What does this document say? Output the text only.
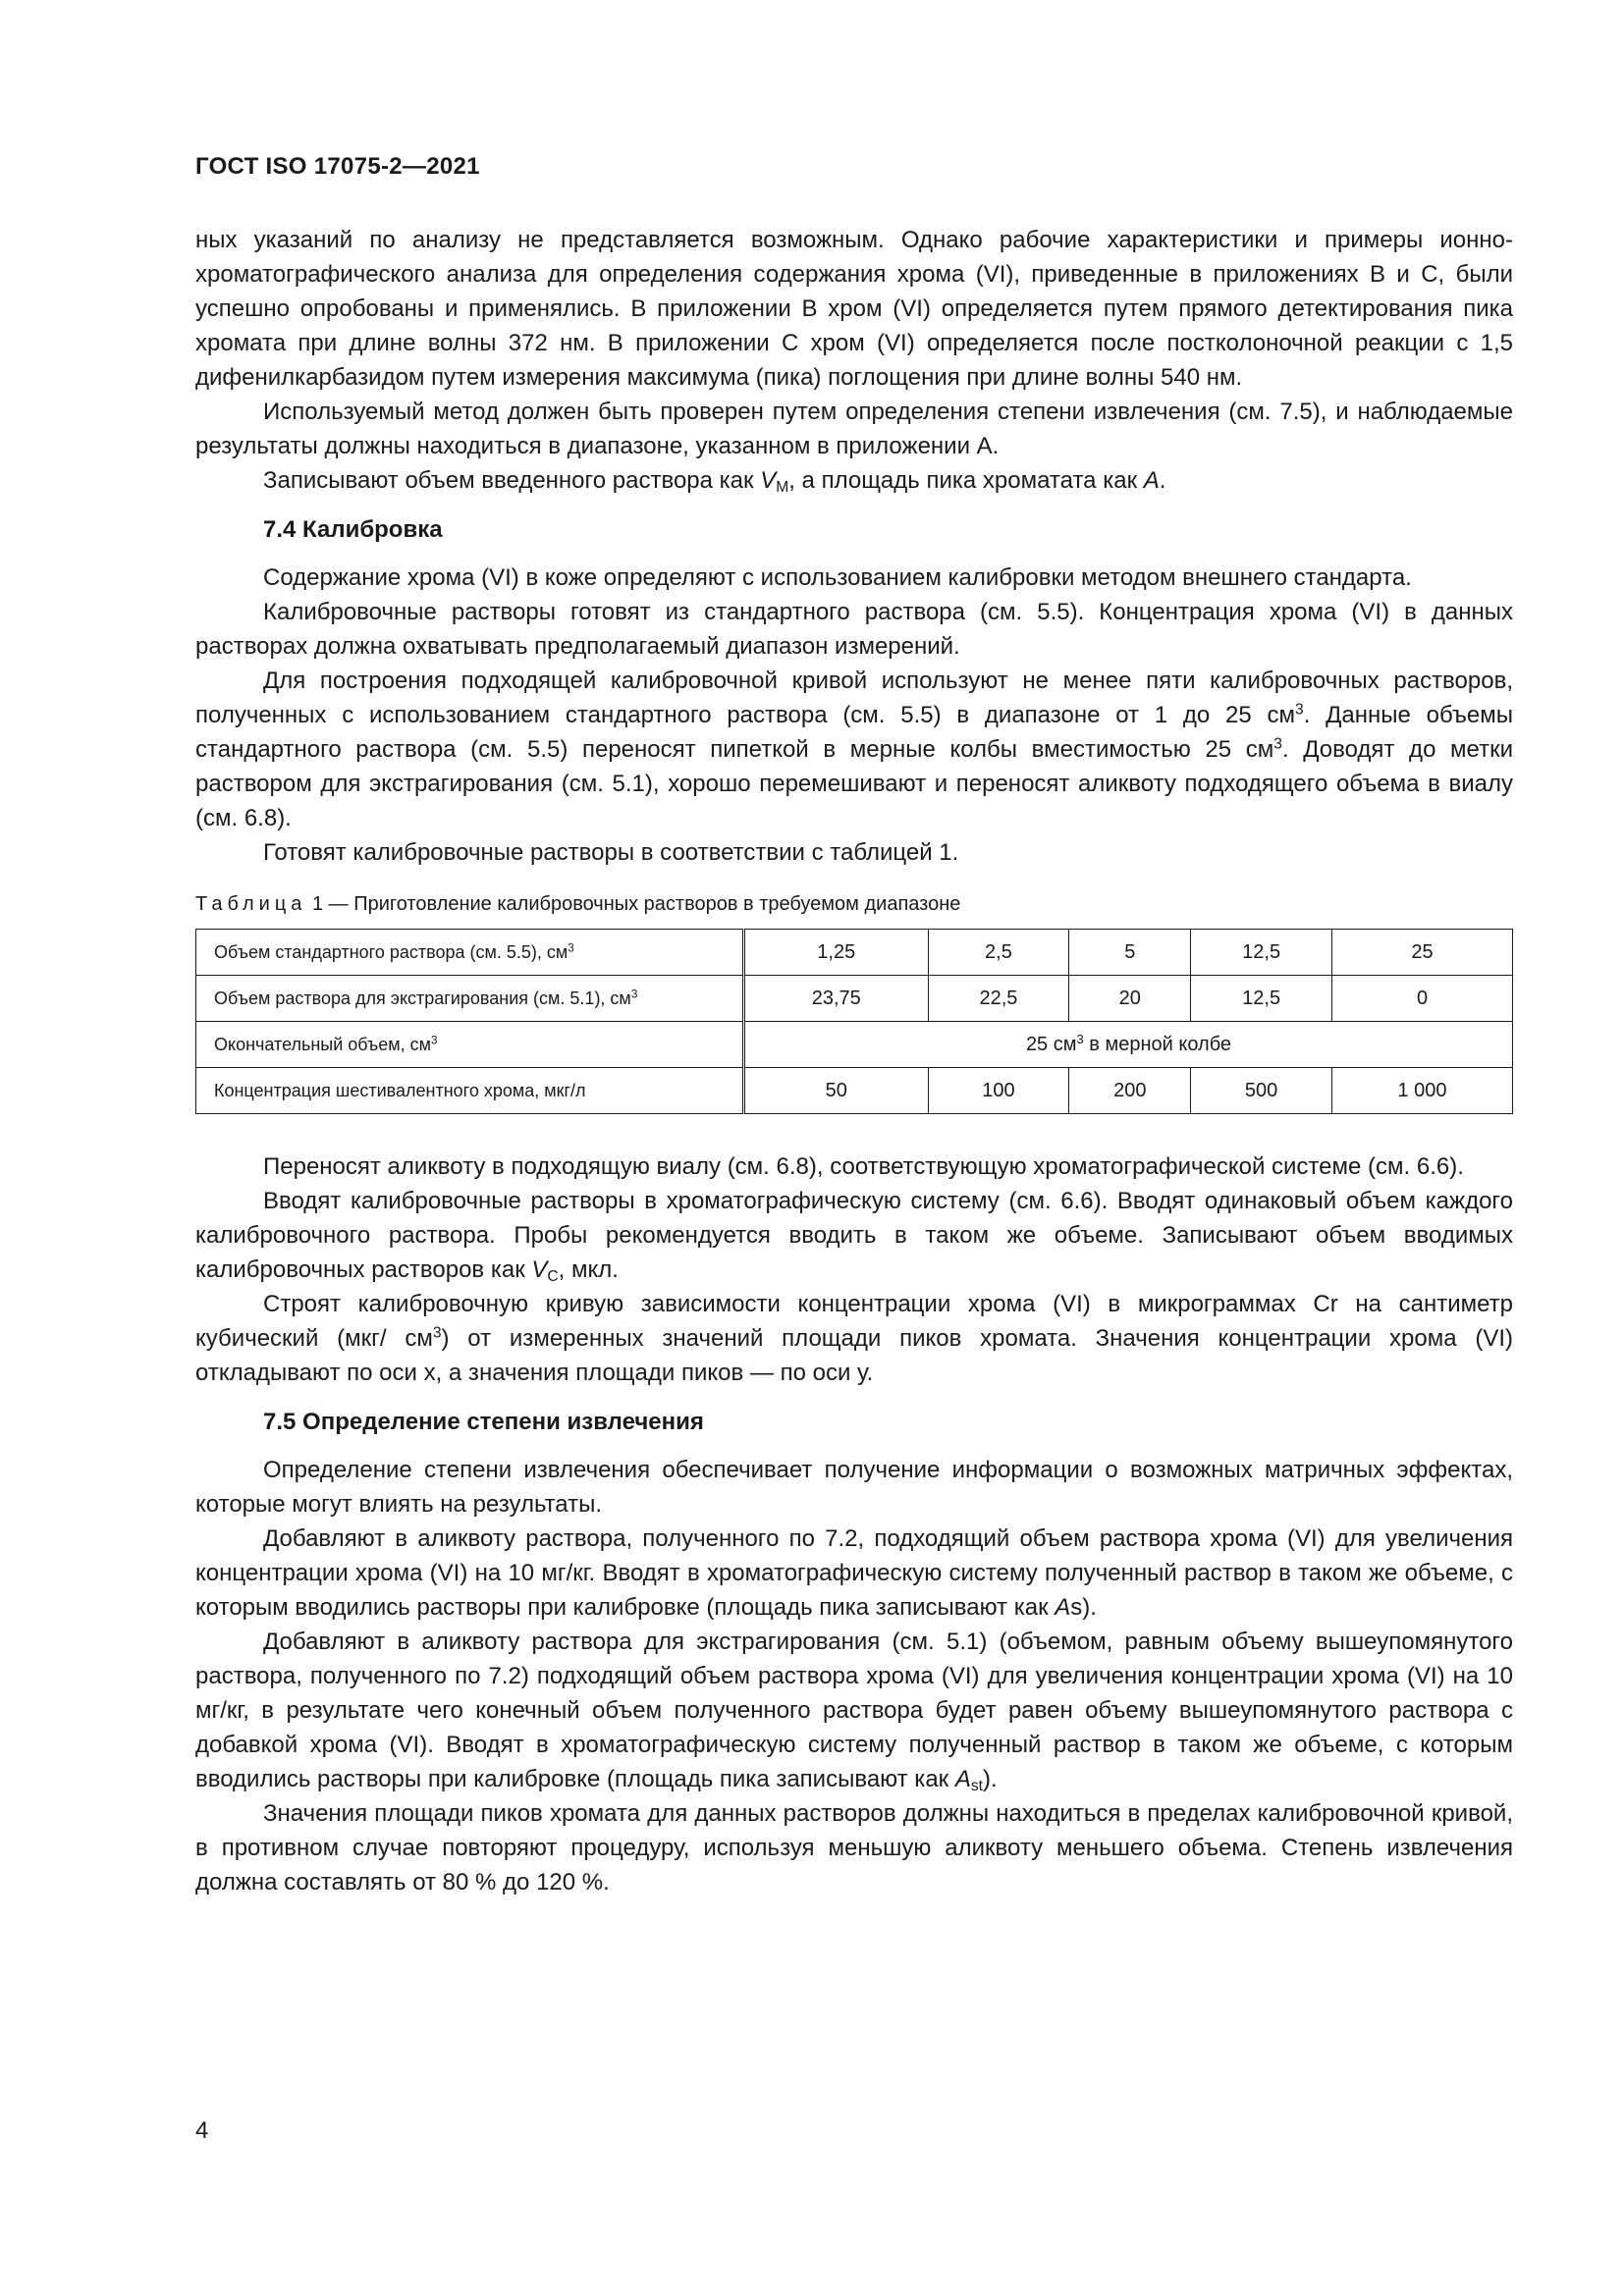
ГОСТ ISO 17075-2—2021

ных указаний по анализу не представляется возможным. Однако рабочие характеристики и примеры ионно-хроматографического анализа для определения содержания хрома (VI), приведенные в приложениях В и С, были успешно опробованы и применялись. В приложении В хром (VI) определяется путем прямого детектирования пика хромата при длине волны 372 нм. В приложении С хром (VI) определяется после постколоночной реакции с 1,5 дифенилкарбазидом путем измерения максимума (пика) поглощения при длине волны 540 нм.

Используемый метод должен быть проверен путем определения степени извлечения (см. 7.5), и наблюдаемые результаты должны находиться в диапазоне, указанном в приложении А.

Записывают объем введенного раствора как $V_M$, а площадь пика хроматата как A.

7.4 Калибровка

Содержание хрома (VI) в коже определяют с использованием калибровки методом внешнего стандарта.

Калибровочные растворы готовят из стандартного раствора (см. 5.5). Концентрация хрома (VI) в данных растворах должна охватывать предполагаемый диапазон измерений.

Для построения подходящей калибровочной кривой используют не менее пяти калибровочных растворов, полученных с использованием стандартного раствора (см. 5.5) в диапазоне от 1 до 25 $см^3$. Данные объемы стандартного раствора (см. 5.5) переносят пипеткой в мерные колбы вместимостью 25 $см^3$. Доводят до метки раствором для экстрагирования (см. 5.1), хорошо перемешивают и переносят аликвоту подходящего объема в виалу (см. 6.8).

Готовят калибровочные растворы в соответствии с таблицей 1.

Таблица 1 — Приготовление калибровочных растворов в требуемом диапазоне
Объем стандартного раствора (см. 5.5), $см^3$	1,25	2,5	5	12,5	25
Объем раствора для экстрагирования (см. 5.1), $см^3$	23,75	22,5	20	12,5	0
Окончательный объем, $см^3$	25 $см^3$ в мерной колбе				
Концентрация шестивалентного хрома, мкг/л	50	100	200	500	1 000

Переносят аликвоту в подходящую виалу (см. 6.8), соответствующую хроматографической системе (см. 6.6).

Вводят калибровочные растворы в хроматографическую систему (см. 6.6). Вводят одинаковый объем каждого калибровочного раствора. Пробы рекомендуется вводить в таком же объеме. Записывают объем вводимых калибровочных растворов как $V_C$, мкл.

Строят калибровочную кривую зависимости концентрации хрома (VI) в микрограммах Cr на сантиметр кубический (мкг/ $см^3$) от измеренных значений площади пиков хромата. Значения концентрации хрома (VI) откладывают по оси х, а значения площади пиков — по оси у.

7.5 Определение степени извлечения

Определение степени извлечения обеспечивает получение информации о возможных матричных эффектах, которые могут влиять на результаты.

Добавляют в аликвоту раствора, полученного по 7.2, подходящий объем раствора хрома (VI) для увеличения концентрации хрома (VI) на 10 мг/кг. Вводят в хроматографическую систему полученный раствор в таком же объеме, с которым вводились растворы при калибровке (площадь пика записывают как As).

Добавляют в аликвоту раствора для экстрагирования (см. 5.1) (объемом, равным объему вышеупомянутого раствора, полученного по 7.2) подходящий объем раствора хрома (VI) для увеличения концентрации хрома (VI) на 10 мг/кг, в результате чего конечный объем полученного раствора будет равен объему вышеупомянутого раствора с добавкой хрома (VI). Вводят в хроматографическую систему полученный раствор в таком же объеме, с которым вводились растворы при калибровке (площадь пика записывают как $A_{st}$).

Значения площади пиков хромата для данных растворов должны находиться в пределах калибровочной кривой, в противном случае повторяют процедуру, используя меньшую аликвоту меньшего объема. Степень извлечения должна составлять от 80 % до 120 %.

4
